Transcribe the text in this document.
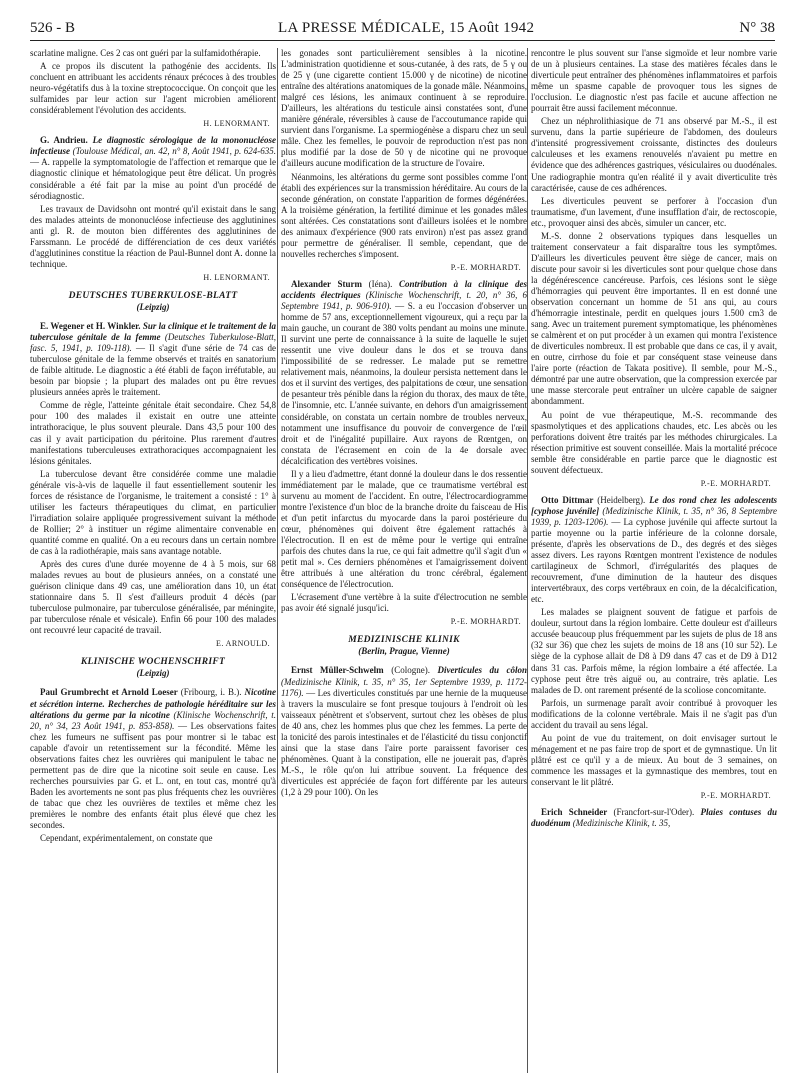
526 - B	LA PRESSE MÉDICALE, 15 Août 1942	N° 38

scarlatine maligne. Ces 2 cas ont guéri par la sulfamidothérapie.

A ce propos ils discutent la pathogénie des accidents. Ils concluent en attribuant les accidents rénaux précoces à des troubles neuro-végétatifs dus à la toxine streptococcique. On conçoit que les sulfamides par leur action sur l'agent microbien améliorent considérablement l'évolution des accidents.

H. LENORMANT.

G. Andrieu. Le diagnostic sérologique de la mononucléose infectieuse (Toulouse Médical, an. 42, n° 8, Août 1941, p. 624-635. — A. rappelle la symptomatologie de l'affection et remarque que le diagnostic clinique et hématologique peut être délicat. Un progrès considérable a été fait par la mise au point d'un procédé de sérodiagnostic.

Les travaux de Davidsohn ont montré qu'il existait dans le sang des malades atteints de mononucléose infectieuse des agglutinines anti gl. R. de mouton bien différentes des agglutinines de Farssmann. Le procédé de différenciation de ces deux variétés d'agglutinines constitue la réaction de Paul-Bunnel dont A. donne la technique.

H. LENORMANT.
DEUTSCHES TUBERKULOSE-BLATT
(Leipzig)

E. Wegener et H. Winkler. Sur la clinique et le traitement de la tuberculose génitale de la femme (Deutsches Tuberkulose-Blatt, fasc. 5, 1941, p. 109-118). — Il s'agit d'une série de 74 cas de tuberculose génitale de la femme observés et traités en sanatorium de faible altitude. Le diagnostic a été établi de façon irréfutable, au besoin par biopsie ; la plupart des malades ont pu être revues plusieurs années après le traitement.

Comme de règle, l'atteinte génitale était secondaire. Chez 54,8 pour 100 des malades il existait en outre une atteinte intrathoracique, le plus souvent pleurale. Dans 43,5 pour 100 des cas il y avait participation du péritoine. Plus rarement d'autres manifestations tuberculeuses extrathoraciques accompagnaient les lésions génitales.

La tuberculose devant être considérée comme une maladie générale vis-à-vis de laquelle il faut essentiellement soutenir les forces de résistance de l'organisme, le traitement a consisté : 1° à utiliser les facteurs thérapeutiques du climat, en particulier l'irradiation solaire appliquée progressivement suivant la méthode de Rollier; 2° à instituer un régime alimentaire convenable en quantité comme en qualité. On a eu recours dans un certain nombre de cas à la radiothérapie, mais sans avantage notable.

Après des cures d'une durée moyenne de 4 à 5 mois, sur 68 malades revues au bout de plusieurs années, on a constaté une guérison clinique dans 49 cas, une amélioration dans 10, un état stationnaire dans 5. Il s'est d'ailleurs produit 4 décès (par tuberculose pulmonaire, par tuberculose généralisée, par méningite, par tuberculose rénale et vésicale). Enfin 66 pour 100 des malades ont recouvré leur capacité de travail.

E. ARNOULD.
KLINISCHE WOCHENSCHRIFT
(Leipzig)

Paul Grumbrecht et Arnold Loeser (Fribourg, i. B.). Nicotine et sécrétion interne. Recherches de pathologie héréditaire sur les altérations du germe par la nicotine (Klinische Wochenschrift, t. 20, n° 34, 23 Août 1941, p. 853-858). — Les observations faites chez les fumeurs ne suffisent pas pour montrer si le tabac est capable d'avoir un retentissement sur la fécondité. Même les observations faites chez les ouvrières qui manipulent le tabac ne permettent pas de dire que la nicotine soit seule en cause. Les recherches poursuivies par G. et L. ont, en tout cas, montré qu'à Baden les avortements ne sont pas plus fréquents chez les ouvrières de tabac que chez les ouvrières de textiles et même chez les premières le nombre des enfants était plus élevé que chez les secondes.

Cependant, expérimentalement, on constate que

les gonades sont particulièrement sensibles à la nicotine. L'administration quotidienne et sous-cutanée, à des rats, de 5 γ ou de 25 γ (une cigarette contient 15.000 γ de nicotine) de nicotine entraîne des altérations anatomiques de la gonade mâle. Néanmoins, malgré ces lésions, les animaux continuent à se reproduire. D'ailleurs, les altérations du testicule ainsi constatées sont, d'une manière générale, réversibles à cause de l'accoutumance rapide qui survient dans l'organisme. La spermiogénèse a disparu chez un seul mâle. Chez les femelles, le pouvoir de reproduction n'est pas non plus modifié par la dose de 50 γ de nicotine qui ne provoque d'ailleurs aucune modification de la structure de l'ovaire.

Néanmoins, les altérations du germe sont possibles comme l'ont établi des expériences sur la transmission héréditaire. Au cours de la seconde génération, on constate l'apparition de formes dégénérées. A la troisième génération, la fertilité diminue et les gonades mâles sont altérées. Ces constatations sont d'ailleurs isolées et le nombre des animaux d'expérience (900 rats environ) n'est pas assez grand pour permettre de généraliser. Il semble, cependant, que de nouvelles recherches s'imposent.

P.-E. MORHARDT.

Alexander Sturm (Iéna). Contribution à la clinique des accidents électriques (Klinische Wochenschrift, t. 20, n° 36, 6 Septembre 1941, p. 906-910). — S. a eu l'occasion d'observer un homme de 57 ans, exceptionnellement vigoureux, qui a reçu par la main gauche, un courant de 380 volts pendant au moins une minute. Il survint une perte de connaissance à la suite de laquelle le sujet ressentit une vive douleur dans le dos et se trouva dans l'impossibilité de se redresser. Le malade put se remettre relativement mais, néanmoins, la douleur persista nettement dans le dos et il survint des vertiges, des palpitations de cœur, une sensation de pesanteur très pénible dans la région du thorax, des maux de tête, de l'insomnie, etc. L'année suivante, en dehors d'un amaigrissement considérable, on constata un certain nombre de troubles nerveux, notamment une insuffisance du pouvoir de convergence de l'œil droit et de l'inégalité pupillaire. Aux rayons de Rœntgen, on constata de l'écrasement en coin de la 4e dorsale avec décalcification des vertèbres voisines.

Il y a lieu d'admettre, étant donné la douleur dans le dos ressentie immédiatement par le malade, que ce traumatisme vertébral est survenu au moment de l'accident. En outre, l'électrocardiogramme montre l'existence d'un bloc de la branche droite du faisceau de His et d'un petit infarctus du myocarde dans la paroi postérieure du cœur, phénomènes qui doivent être également rattachés à l'électrocution. Il en est de même pour le vertige qui entraîne parfois des chutes dans la rue, ce qui fait admettre qu'il s'agit d'un « petit mal ». Ces derniers phénomènes et l'amaigrissement doivent être attribués à une altération du tronc cérébral, également conséquence de l'électrocution.

L'écrasement d'une vertèbre à la suite d'électrocution ne semble pas avoir été signalé jusqu'ici.

P.-E. MORHARDT.
MEDIZINISCHE KLINIK
(Berlin, Prague, Vienne)

Ernst Müller-Schwelm (Cologne). Diverticules du côlon (Medizinische Klinik, t. 35, n° 35, 1er Septembre 1939, p. 1172-1176). — Les diverticules constitués par une hernie de la muqueuse à travers la musculaire se font presque toujours à l'endroit où les vaisseaux pénètrent et s'observent, surtout chez les obèses de plus de 40 ans, chez les hommes plus que chez les femmes. La perte de la tonicité des parois intestinales et de l'élasticité du tissu conjonctif ainsi que la stase dans l'aire porte paraissent favoriser ces phénomènes. Quant à la constipation, elle ne jouerait pas, d'après M.-S., le rôle qu'on lui attribue souvent. La fréquence des diverticules est appréciée de façon fort différente par les auteurs (1,2 à 29 pour 100). On les

rencontre le plus souvent sur l'anse sigmoïde et leur nombre varie de un à plusieurs centaines. La stase des matières fécales dans le diverticule peut entraîner des phénomènes inflammatoires et parfois même un spasme capable de provoquer tous les signes de l'occlusion. Le diagnostic n'est pas facile et aucune affection ne pourrait être aussi facilement méconnue.

Chez un néphrolithiasique de 71 ans observé par M.-S., il est survenu, dans la partie supérieure de l'abdomen, des douleurs d'intensité progressivement croissante, distinctes des douleurs calculeuses et les examens renouvelés n'avaient pu mettre en évidence que des adhérences gastriques, vésiculaires ou duodénales. Une radiographie montra qu'en réalité il y avait diverticulite très caractérisée, cause de ces adhérences.

Les diverticules peuvent se perforer à l'occasion d'un traumatisme, d'un lavement, d'une insufflation d'air, de rectoscopie, etc., provoquer ainsi des abcès, simuler un cancer, etc.

M.-S. donne 2 observations typiques dans lesquelles un traitement conservateur a fait disparaître tous les symptômes. D'ailleurs les diverticules peuvent être siège de cancer, mais on discute pour savoir si les diverticules sont pour quelque chose dans la dégénérescence cancéreuse. Parfois, ces lésions sont le siège d'hémorragies qui peuvent être importantes. Il en est donné une observation concernant un homme de 51 ans qui, au cours d'hémorragie intestinale, perdit en quelques jours 1.500 cm3 de sang. Avec un traitement purement symptomatique, les phénomènes se calmèrent et on put procéder à un examen qui montra l'existence de diverticules nombreux. Il est probable que dans ce cas, il y avait, en outre, cirrhose du foie et par conséquent stase veineuse dans l'aire porte (réaction de Takata positive). Il semble, pour M.-S., démontré par une autre observation, que la compression exercée par une masse stercorale peut entraîner un ulcère capable de saigner abondamment.

Au point de vue thérapeutique, M.-S. recommande des spasmolytiques et des applications chaudes, etc. Les abcès ou les perforations doivent être traités par les méthodes chirurgicales. La résection primitive est souvent conseillée. Mais la mortalité précoce semble être considérable en partie parce que le diagnostic est souvent défectueux.

P.-E. MORHARDT.

Otto Dittmar (Heidelberg). Le dos rond chez les adolescents [cyphose juvénile] (Medizinische Klinik, t. 35, n° 36, 8 Septembre 1939, p. 1203-1206). — La cyphose juvénile qui affecte surtout la partie moyenne ou la partie inférieure de la colonne dorsale, présente, d'après les observations de D., des degrés et des sièges assez divers. Les rayons Rœntgen montrent l'existence de nodules cartilagineux de Schmorl, d'irrégularités des plaques de recouvrement, d'une diminution de la hauteur des disques intervertébraux, des corps vertébraux en coin, de la décalcification, etc.

Les malades se plaignent souvent de fatigue et parfois de douleur, surtout dans la région lombaire. Cette douleur est d'ailleurs accusée beaucoup plus fréquemment par les sujets de plus de 18 ans (32 sur 36) que chez les sujets de moins de 18 ans (10 sur 52). Le siège de la cyphose allait de D8 à D9 dans 47 cas et de D9 à D12 dans 31 cas. Parfois même, la région lombaire a été affectée. La cyphose peut être très aiguë ou, au contraire, très aplatie. Les malades de D. ont rarement présenté de la scoliose concomitante.

Parfois, un surmenage paraît avoir contribué à provoquer les modifications de la colonne vertébrale. Mais il ne s'agit pas d'un accident du travail au sens légal.

Au point de vue du traitement, on doit envisager surtout le ménagement et ne pas faire trop de sport et de gymnastique. Un lit plâtré est ce qu'il y a de mieux. Au bout de 3 semaines, on commence les massages et la gymnastique des membres, tout en conservant le lit plâtré.

P.-E. MORHARDT.

Erich Schneider (Francfort-sur-l'Oder). Plaies contuses du duodénum (Medizinische Klinik, t. 35,
